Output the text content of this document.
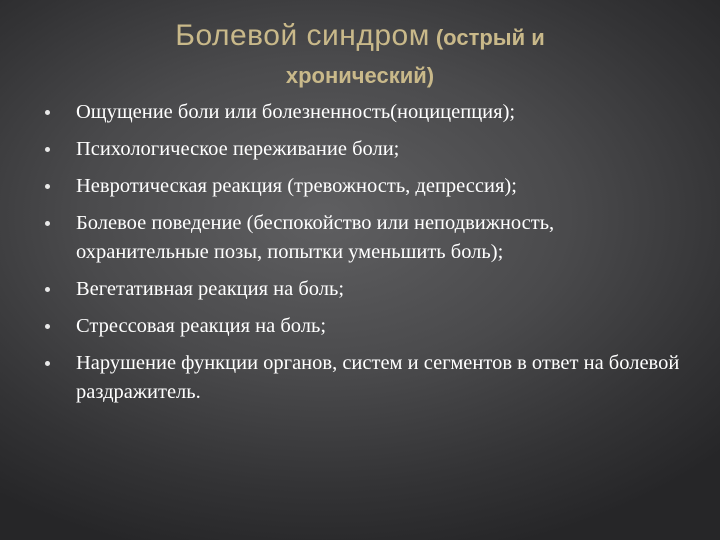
Болевой синдром (острый и
хронический)
Ощущение боли или болезненность(ноцицепция);
Психологическое переживание боли;
Невротическая реакция (тревожность, депрессия);
Болевое поведение (беспокойство или неподвижность, охранительные позы, попытки уменьшить боль);
Вегетативная реакция на боль;
Стрессовая реакция на боль;
Нарушение функции органов, систем и сегментов в ответ на болевой раздражитель.
